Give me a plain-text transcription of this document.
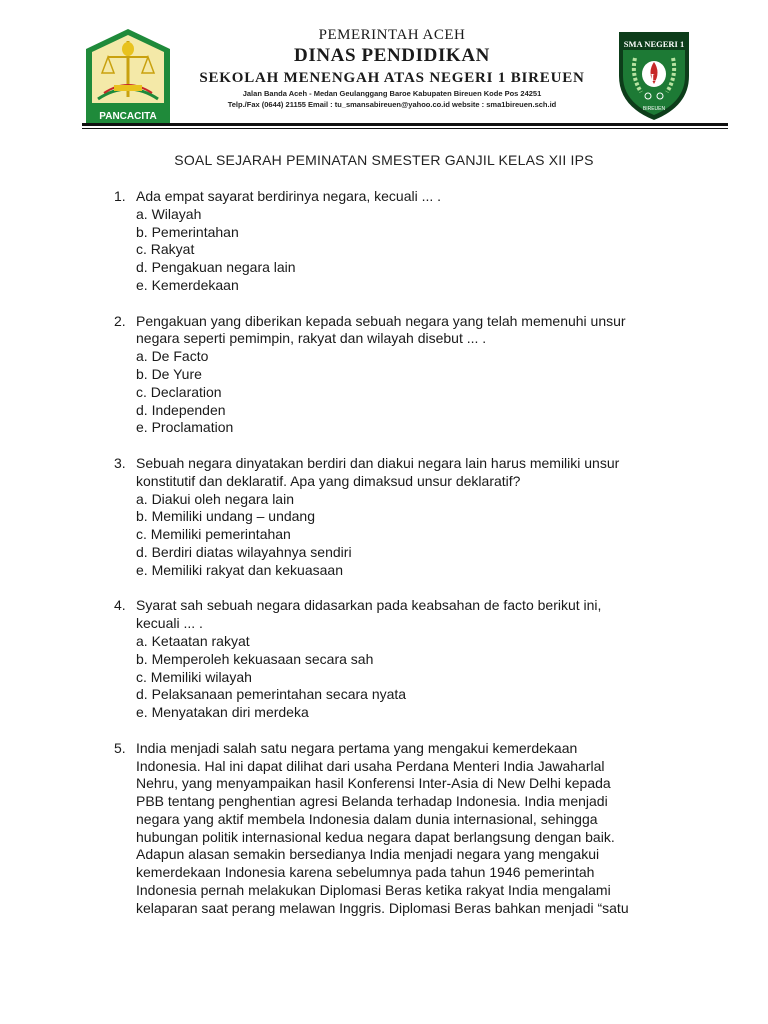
PANCACITA
PEMERINTAH ACEH
DINAS PENDIDIKAN
SEKOLAH MENENGAH ATAS NEGERI 1 BIREUEN
Jalan Banda Aceh - Medan Geulanggang Baroe Kabupaten Bireuen Kode Pos 24251
Telp./Fax (0644) 21155 Email : tu_smansabireuen@yahoo.co.id website : sma1bireuen.sch.id
SMA NEGERI 1
L
BIREUEN
SOAL SEJARAH PEMINATAN SMESTER GANJIL KELAS XII IPS
1. Ada empat sayarat berdirinya negara, kecuali ... .
a. Wilayah
b. Pemerintahan
c. Rakyat
d. Pengakuan negara lain
e. Kemerdekaan
2. Pengakuan yang diberikan kepada sebuah negara yang telah memenuhi unsur
negara seperti pemimpin, rakyat dan wilayah disebut ... .
a. De Facto
b. De Yure
c. Declaration
d. Independen
e. Proclamation
3. Sebuah negara dinyatakan berdiri dan diakui negara lain harus memiliki unsur
konstitutif dan deklaratif. Apa yang dimaksud unsur deklaratif?
a. Diakui oleh negara lain
b. Memiliki undang – undang
c. Memiliki pemerintahan
d. Berdiri diatas wilayahnya sendiri
e. Memiliki rakyat dan kekuasaan
4. Syarat sah sebuah negara didasarkan pada keabsahan de facto berikut ini,
kecuali ... .
a. Ketaatan rakyat
b. Memperoleh kekuasaan secara sah
c. Memiliki wilayah
d. Pelaksanaan pemerintahan secara nyata
e. Menyatakan diri merdeka
5. India menjadi salah satu negara pertama yang mengakui kemerdekaan
Indonesia. Hal ini dapat dilihat dari usaha Perdana Menteri India Jawaharlal
Nehru, yang menyampaikan hasil Konferensi Inter-Asia di New Delhi kepada
PBB tentang penghentian agresi Belanda terhadap Indonesia. India menjadi
negara yang aktif membela Indonesia dalam dunia internasional, sehingga
hubungan politik internasional kedua negara dapat berlangsung dengan baik.
Adapun alasan semakin bersedianya India menjadi negara yang mengakui
kemerdekaan Indonesia karena sebelumnya pada tahun 1946 pemerintah
Indonesia pernah melakukan Diplomasi Beras ketika rakyat India mengalami
kelaparan saat perang melawan Inggris. Diplomasi Beras bahkan menjadi “satu
